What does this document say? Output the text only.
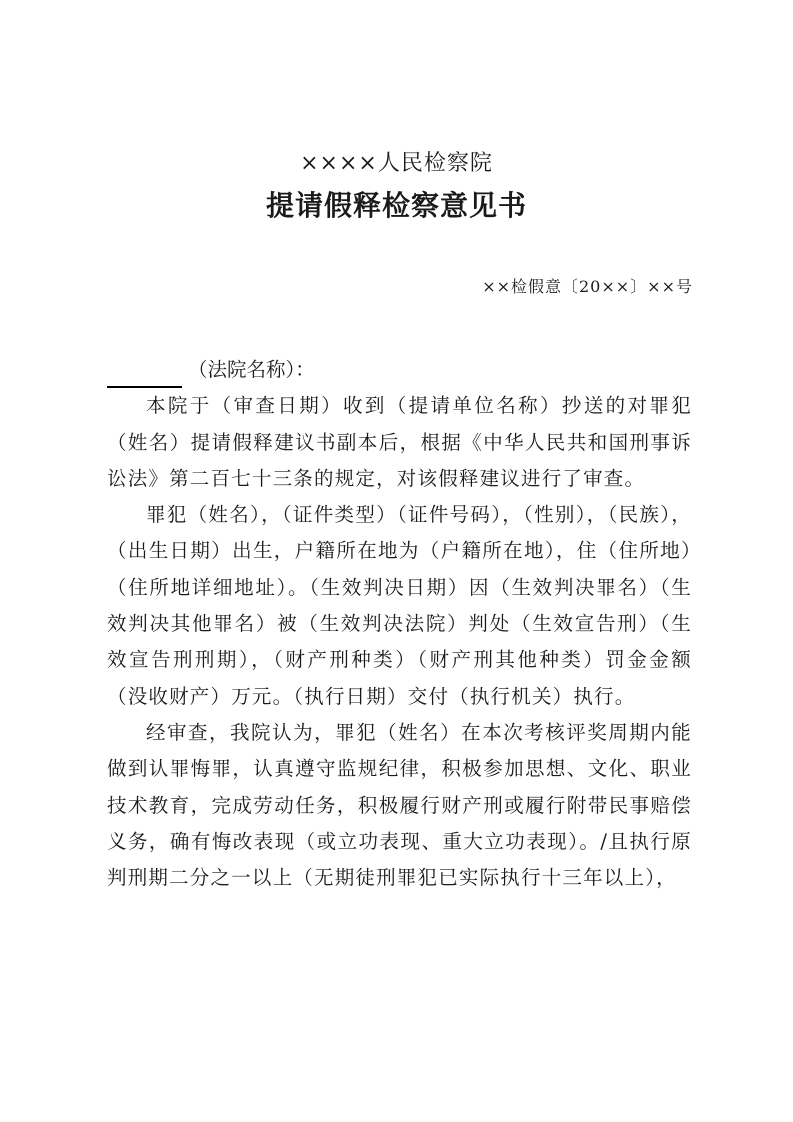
××××人民检察院
提请假释检察意见书
××检假意〔20××〕××号
（法院名称）：

本院于（审查日期）收到（提请单位名称）抄送的对罪犯（姓名）提请假释建议书副本后，根据《中华人民共和国刑事诉讼法》第二百七十三条的规定，对该假释建议进行了审查。

罪犯（姓名），（证件类型）（证件号码），（性别），（民族），（出生日期）出生，户籍所在地为（户籍所在地），住（住所地）（住所地详细地址）。（生效判决日期）因（生效判决罪名）（生效判决其他罪名）被（生效判决法院）判处（生效宣告刑）（生效宣告刑刑期），（财产刑种类）（财产刑其他种类）罚金金额（没收财产）万元。（执行日期）交付（执行机关）执行。

经审查，我院认为，罪犯（姓名）在本次考核评奖周期内能做到认罪悔罪，认真遵守监规纪律，积极参加思想、文化、职业技术教育，完成劳动任务，积极履行财产刑或履行附带民事赔偿义务，确有悔改表现（或立功表现、重大立功表现）。/且执行原判刑期二分之一以上（无期徒刑罪犯已实际执行十三年以上），
